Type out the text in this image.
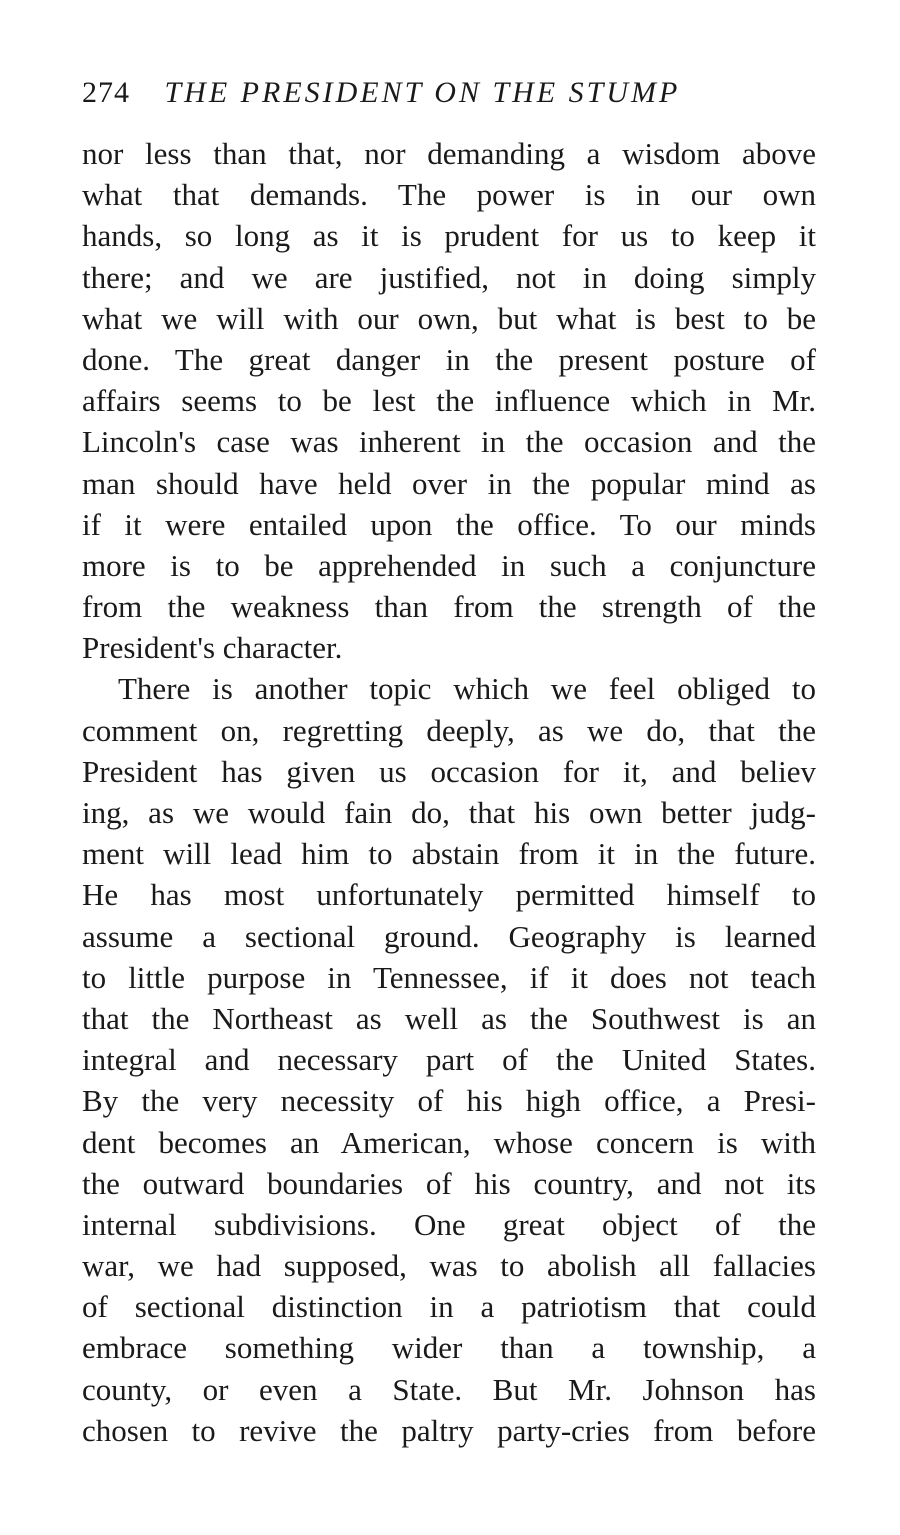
274 THE PRESIDENT ON THE STUMP
nor less than that, nor demanding a wisdom above
what that demands. The power is in our own
hands, so long as it is prudent for us to keep it
there; and we are justified, not in doing simply
what we will with our own, but what is best to be
done. The great danger in the present posture of
affairs seems to be lest the influence which in Mr.
Lincoln's case was inherent in the occasion and the
man should have held over in the popular mind as
if it were entailed upon the office. To our minds
more is to be apprehended in such a conjuncture
from the weakness than from the strength of the
President's character.
There is another topic which we feel obliged to
comment on, regretting deeply, as we do, that the
President has given us occasion for it, and believ
ing, as we would fain do, that his own better judg-
ment will lead him to abstain from it in the future.
He has most unfortunately permitted himself to
assume a sectional ground. Geography is learned
to little purpose in Tennessee, if it does not teach
that the Northeast as well as the Southwest is an
integral and necessary part of the United States.
By the very necessity of his high office, a Presi-
dent becomes an American, whose concern is with
the outward boundaries of his country, and not its
internal subdivisions. One great object of the
war, we had supposed, was to abolish all fallacies
of sectional distinction in a patriotism that could
embrace something wider than a township, a
county, or even a State. But Mr. Johnson has
chosen to revive the paltry party-cries from before
